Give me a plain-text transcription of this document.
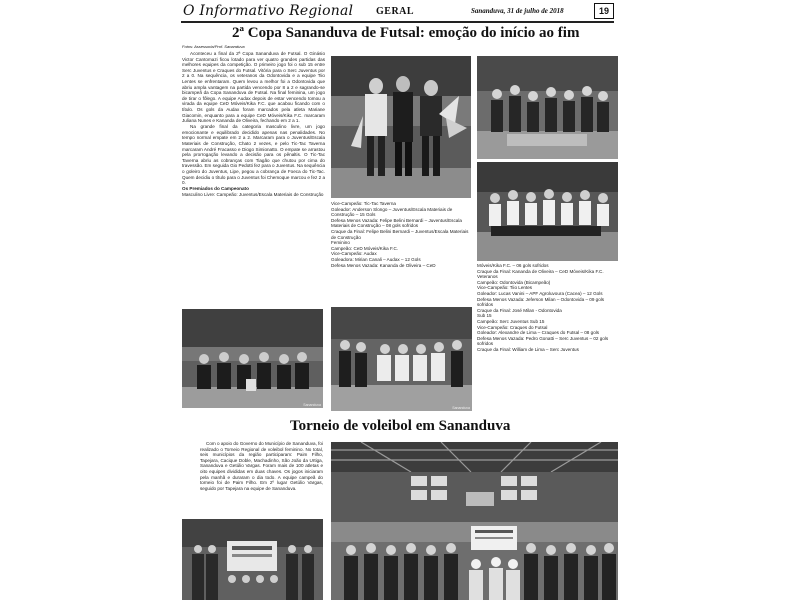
O Informativo Regional GERAL	Sananduva, 31 de julho de 2018	19
2ª Copa Sananduva de Futsal: emoção do início ao fim
Fotos: Assessoria/Prof. Sananduva

Aconteceu a final da 2ª Copa Sananduva de Futsal. O Ginásio Victor Cantomazi ficou lotado para ver quatro grandes partidas das melhores equipes da competição. O primeiro jogo foi o sub 15 entre Serc Juventus e Craques do Futsal. Vitória para o Serc Juventus por 2 a 0. Na sequência, os veteranos da Odontovida e a equipe Tiio Lentes se enfrentaram. Quem levou a melhor foi a Odontovida que abriu ampla vantagem na partida vencendo por 8 a 2 e sagrando-se bicampeã da Copa Sananduva de Futsal. Na final feminina, um jogo de tirar o fôlego. A equipe Audax depois de estar vencendo tomou a virada da equipe CeD Móveis/Kika F.C. que acabou ficando com o título. Os gols da Audax foram marcados pela atleta Mariane Giacomin, enquanto para a equipe CeD Móveis/Kika F.C. marcaram Juliana Nunes e Kananda de Oliveira, fechando em 2 a 1.

Na grande final da categoria masculino livre, um jogo emocionante e equilibrado decidido apenas nas penalidades. No tempo normal empate em 2 a 2. Marcaram para o Juventus/Escala Materiais de Construção, Chato 2 vezes, e pelo Tic-Tac Taverna marcaram André Fracasso e Diogo Simionatto. O empate se arrastou pela prorrogação levando a decisão para os pênaltis. O Tic-Tac Taverna abriu as cobranças com Tiagão que chutou por cima do travessão. Em seguida Gio Pedotti fez para o Juventus. Na sequência o goleiro do Juventus, Lipe, pegou a cobrança de Foeca do Tic-Tac. Quem decidiu o título para o Juventus foi Chemoque marcou e fez 2 a 0.

Os Premiados do Campeonato

Masculino Livre: Campeão: Juventus/Escala Materiais de Construção

Vice-Campeão: Tic-Tac Taverna
Goleador: Anderson Slongo – Juventus/Escala Materiais de Construção – 15 Gols
Defesa Menos Vazada: Felipe Belini Bernardi – Juventus/Escala Materiais de Construção – 08 gols sofridos
Craque da Final: Felipe Belini Bernardi – Juventus/Escala Materiais de Construção
Feminino
Campeão: CeD Móveis/Kika F.C.
Vice-Campeão: Audax
Goleadora: Mirian Canali – Audax – 12 Gols
Defesa Menos Vazada: Kananda de Oliveira – CeD	Móveis/Kika F.C. – 06 gols sofridos
Craque da Final: Kananda de Oliveira – CeD Móveis/Kika F.C.
Veteranos
Campeão: Odontovida (Bicampeão)
Vice-Campeão: Tiio Lentes
Goleador: Lucas Vanini – APF Agroluvoura (Cacea) – 12 Gols
Defesa Menos Vazada: Jeferson Milan – Odontovida – 09 gols sofridos
Craque da Final: José Milan - Odontovida
Sub 15
Campeão: Serc Juventus Sub 15
Vice-Campeão: Craques do Futsal
Goleador: Alexandre de Lima – Craques do Futsal – 08 gols
Defesa Menos Vazada: Pedro Gonatti – Serc Juventus – 02 gols sofridos
Craque da Final: William de Lima – Serc Juventus
Sananduva
Sananduva
Torneio de voleibol em Sananduva

Com o apoio do Governo do Município de Sananduva, foi realizado o Torneio Regional de voleibol feminino. No total, seis municípios da região participaram: Paim Filho, Tapejara, Cacique Doble, Machadinho, São João da Urtiga, Sananduva e Getúlio Vargas. Foram mais de 100 atletas e oito equipes divididas em duas chaves. Os jogos iniciaram pela manhã e duraram o dia todo. A equipe campeã do torneio foi de Paim Filho. Em 2º lugar Getúlio Vargas, seguido por Tapejara na equipe de Sananduva.
